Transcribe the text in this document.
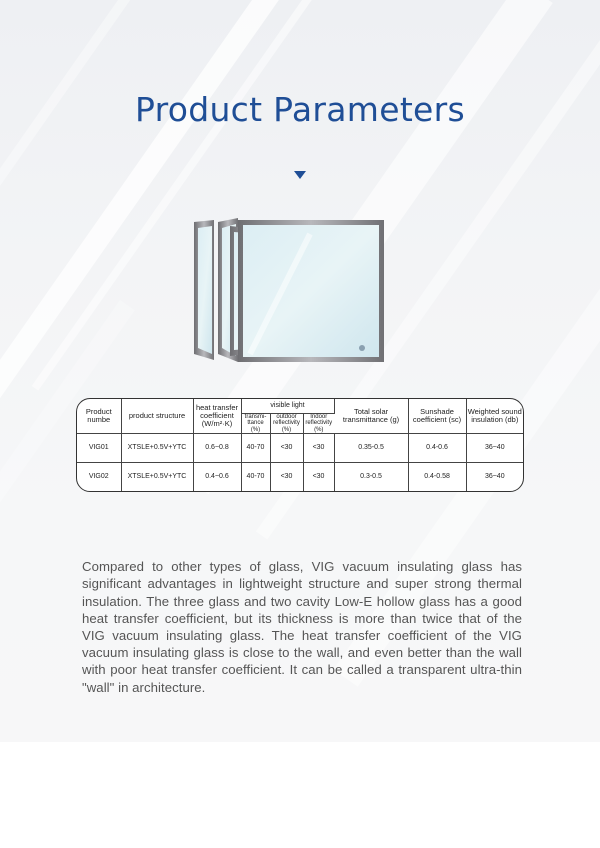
Product Parameters
Product numbe	product structure	heat transfer coefficient (W/m²·K)	visible light			Total solar transmittance (g)	Sunshade coefficient (sc)	Weighted sound insulation (db)
			transmi-ttance (%)	outdoor reflectivity (%)	Indoor reflectivity (%)			
VIG01	XTSLE+0.5V+YTC	0.6~0.8	40-70	<30	<30	0.35-0.5	0.4-0.6	36~40
VIG02	XTSLE+0.5V+YTC	0.4~0.6	40-70	<30	<30	0.3-0.5	0.4-0.58	36~40

Compared to other types of glass, VIG vacuum insulating glass has significant advantages in lightweight structure and super strong thermal insulation. The three glass and two cavity Low-E hollow glass has a good heat transfer coefficient, but its thickness is more than twice that of the VIG vacuum insulating glass. The heat transfer coefficient of the VIG vacuum insulating glass is close to the wall, and even better than the wall with poor heat transfer coefficient. It can be called a transparent ultra-thin "wall" in architecture.
